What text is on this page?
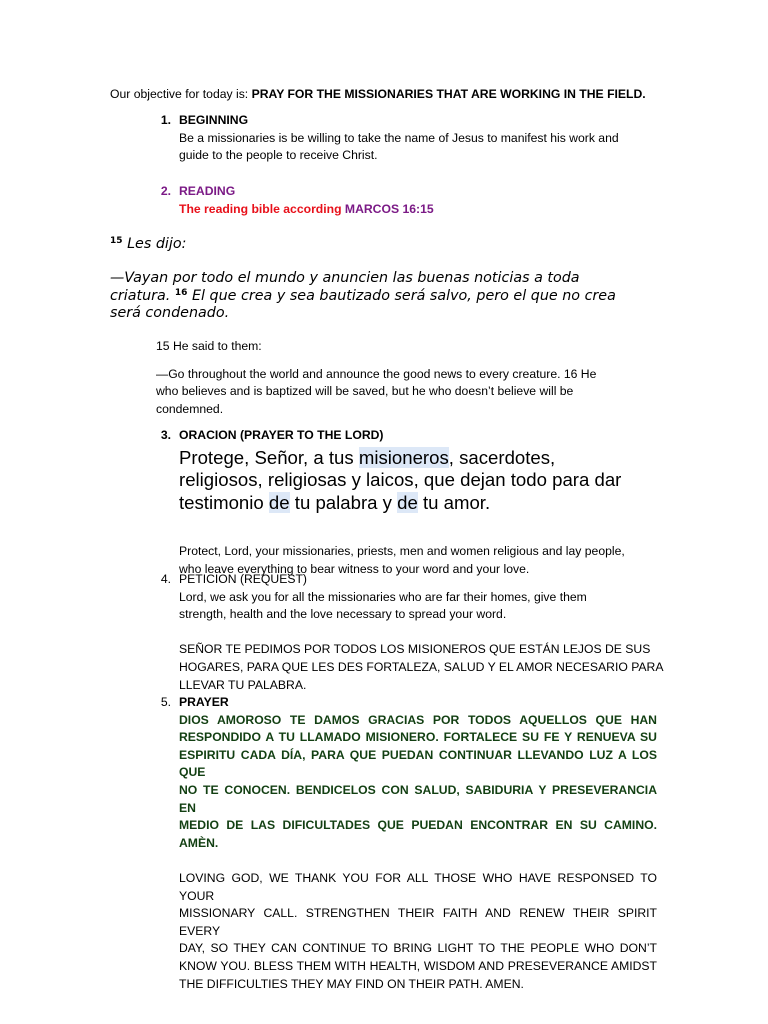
Our objective for today is: PRAY FOR THE MISSIONARIES THAT ARE WORKING IN THE FIELD.
1. BEGINNING
Be a missionaries is be willing to take the name of Jesus to manifest his work and
guide to the people to receive Christ.
2. READING
The reading bible according MARCOS 16:15
$^{15}$ Les dijo:
—Vayan por todo el mundo y anuncien las buenas noticias a toda
criatura. $^{16}$ El que crea y sea bautizado será salvo, pero el que no crea
será condenado.
15 He said to them:
—Go throughout the world and announce the good news to every creature. 16 He
who believes and is baptized will be saved, but he who doesn’t believe will be
condemned.
3. ORACION (PRAYER TO THE LORD)
Protege, Señor, a tus misioneros, sacerdotes,
religiosos, religiosas y laicos, que dejan todo para dar
testimonio de tu palabra y de tu amor.
Protect, Lord, your missionaries, priests, men and women religious and lay people,
who leave everything to bear witness to your word and your love.
4. PETICION (REQUEST)
Lord, we ask you for all the missionaries who are far their homes, give them
strength, health and the love necessary to spread your word.
SEÑOR TE PEDIMOS POR TODOS LOS MISIONEROS QUE ESTÁN LEJOS DE SUS
HOGARES, PARA QUE LES DES FORTALEZA, SALUD Y EL AMOR NECESARIO PARA
LLEVAR TU PALABRA.
5. PRAYER
DIOS AMOROSO TE DAMOS GRACIAS POR TODOS AQUELLOS QUE HAN
RESPONDIDO A TU LLAMADO MISIONERO. FORTALECE SU FE Y RENUEVA SU
ESPIRITU CADA DÍA, PARA QUE PUEDAN CONTINUAR LLEVANDO LUZ A LOS QUE
NO TE CONOCEN. BENDICELOS CON SALUD, SABIDURIA Y PRESEVERANCIA EN
MEDIO DE LAS DIFICULTADES QUE PUEDAN ENCONTRAR EN SU CAMINO. AMÈN.
LOVING GOD, WE THANK YOU FOR ALL THOSE WHO HAVE RESPONSED TO YOUR
MISSIONARY CALL. STRENGTHEN THEIR FAITH AND RENEW THEIR SPIRIT EVERY
DAY, SO THEY CAN CONTINUE TO BRING LIGHT TO THE PEOPLE WHO DON’T
KNOW YOU. BLESS THEM WITH HEALTH, WISDOM AND PRESEVERANCE AMIDST
THE DIFFICULTIES THEY MAY FIND ON THEIR PATH. AMEN.
